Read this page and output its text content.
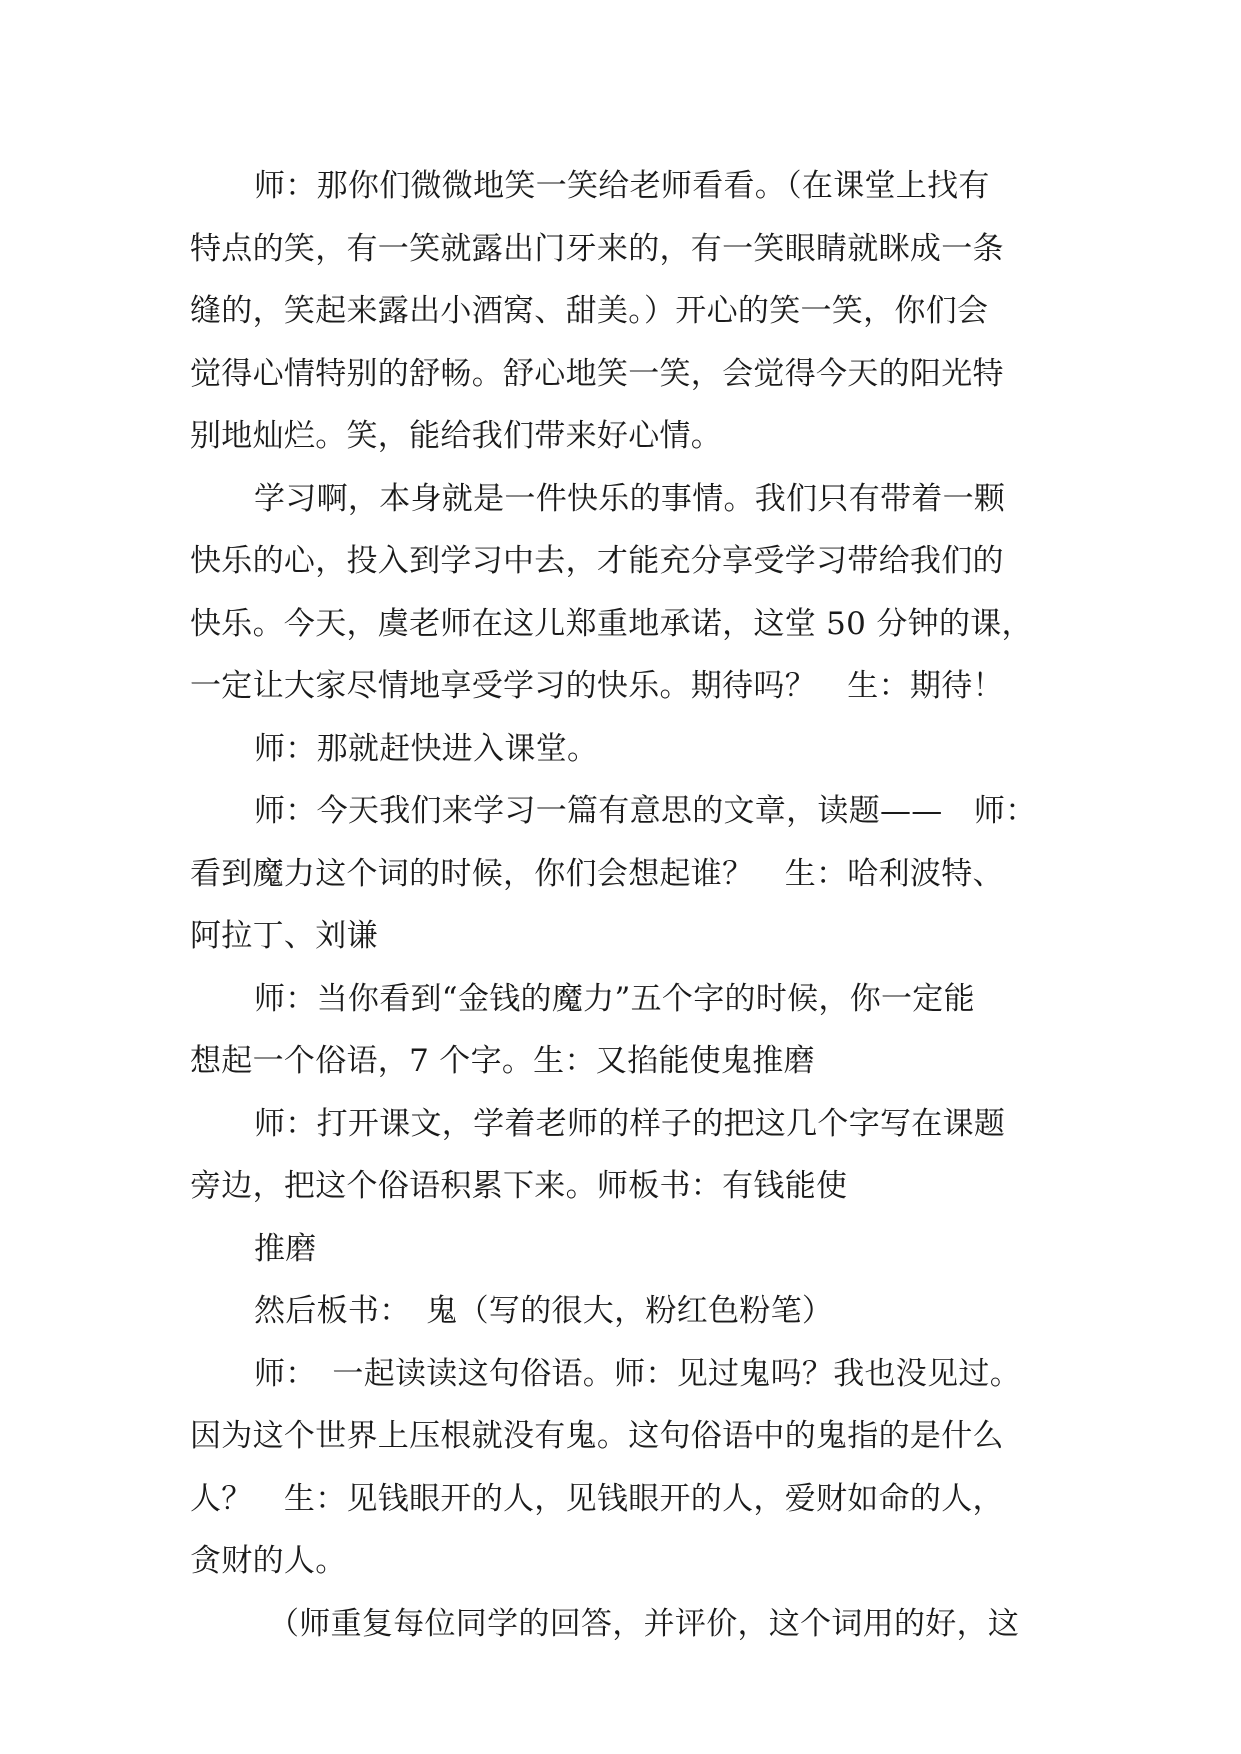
师：那你们微微地笑一笑给老师看看。（在课堂上找有
特点的笑，有一笑就露出门牙来的，有一笑眼睛就眯成一条
缝的，笑起来露出小酒窝、甜美。）开心的笑一笑，你们会
觉得心情特别的舒畅。舒心地笑一笑，会觉得今天的阳光特
别地灿烂。笑，能给我们带来好心情。
学习啊，本身就是一件快乐的事情。我们只有带着一颗
快乐的心，投入到学习中去，才能充分享受学习带给我们的
快乐。今天，虞老师在这儿郑重地承诺，这堂 50 分钟的课，
一定让大家尽情地享受学习的快乐。期待吗？　生：期待！
师：那就赶快进入课堂。
师：今天我们来学习一篇有意思的文章，读题——　师：
看到魔力这个词的时候，你们会想起谁？　生：哈利波特、
阿拉丁、刘谦
师：当你看到“金钱的魔力”五个字的时候，你一定能
想起一个俗语，7 个字。生：又掐能使鬼推磨
师：打开课文，学着老师的样子的把这几个字写在课题
旁边，把这个俗语积累下来。师板书：有钱能使
推磨
然后板书：　鬼（写的很大，粉红色粉笔）
师：　一起读读这句俗语。师：见过鬼吗？我也没见过。
因为这个世界上压根就没有鬼。这句俗语中的鬼指的是什么
人？　生：见钱眼开的人，见钱眼开的人，爱财如命的人，
贪财的人。
（师重复每位同学的回答，并评价，这个词用的好，这
